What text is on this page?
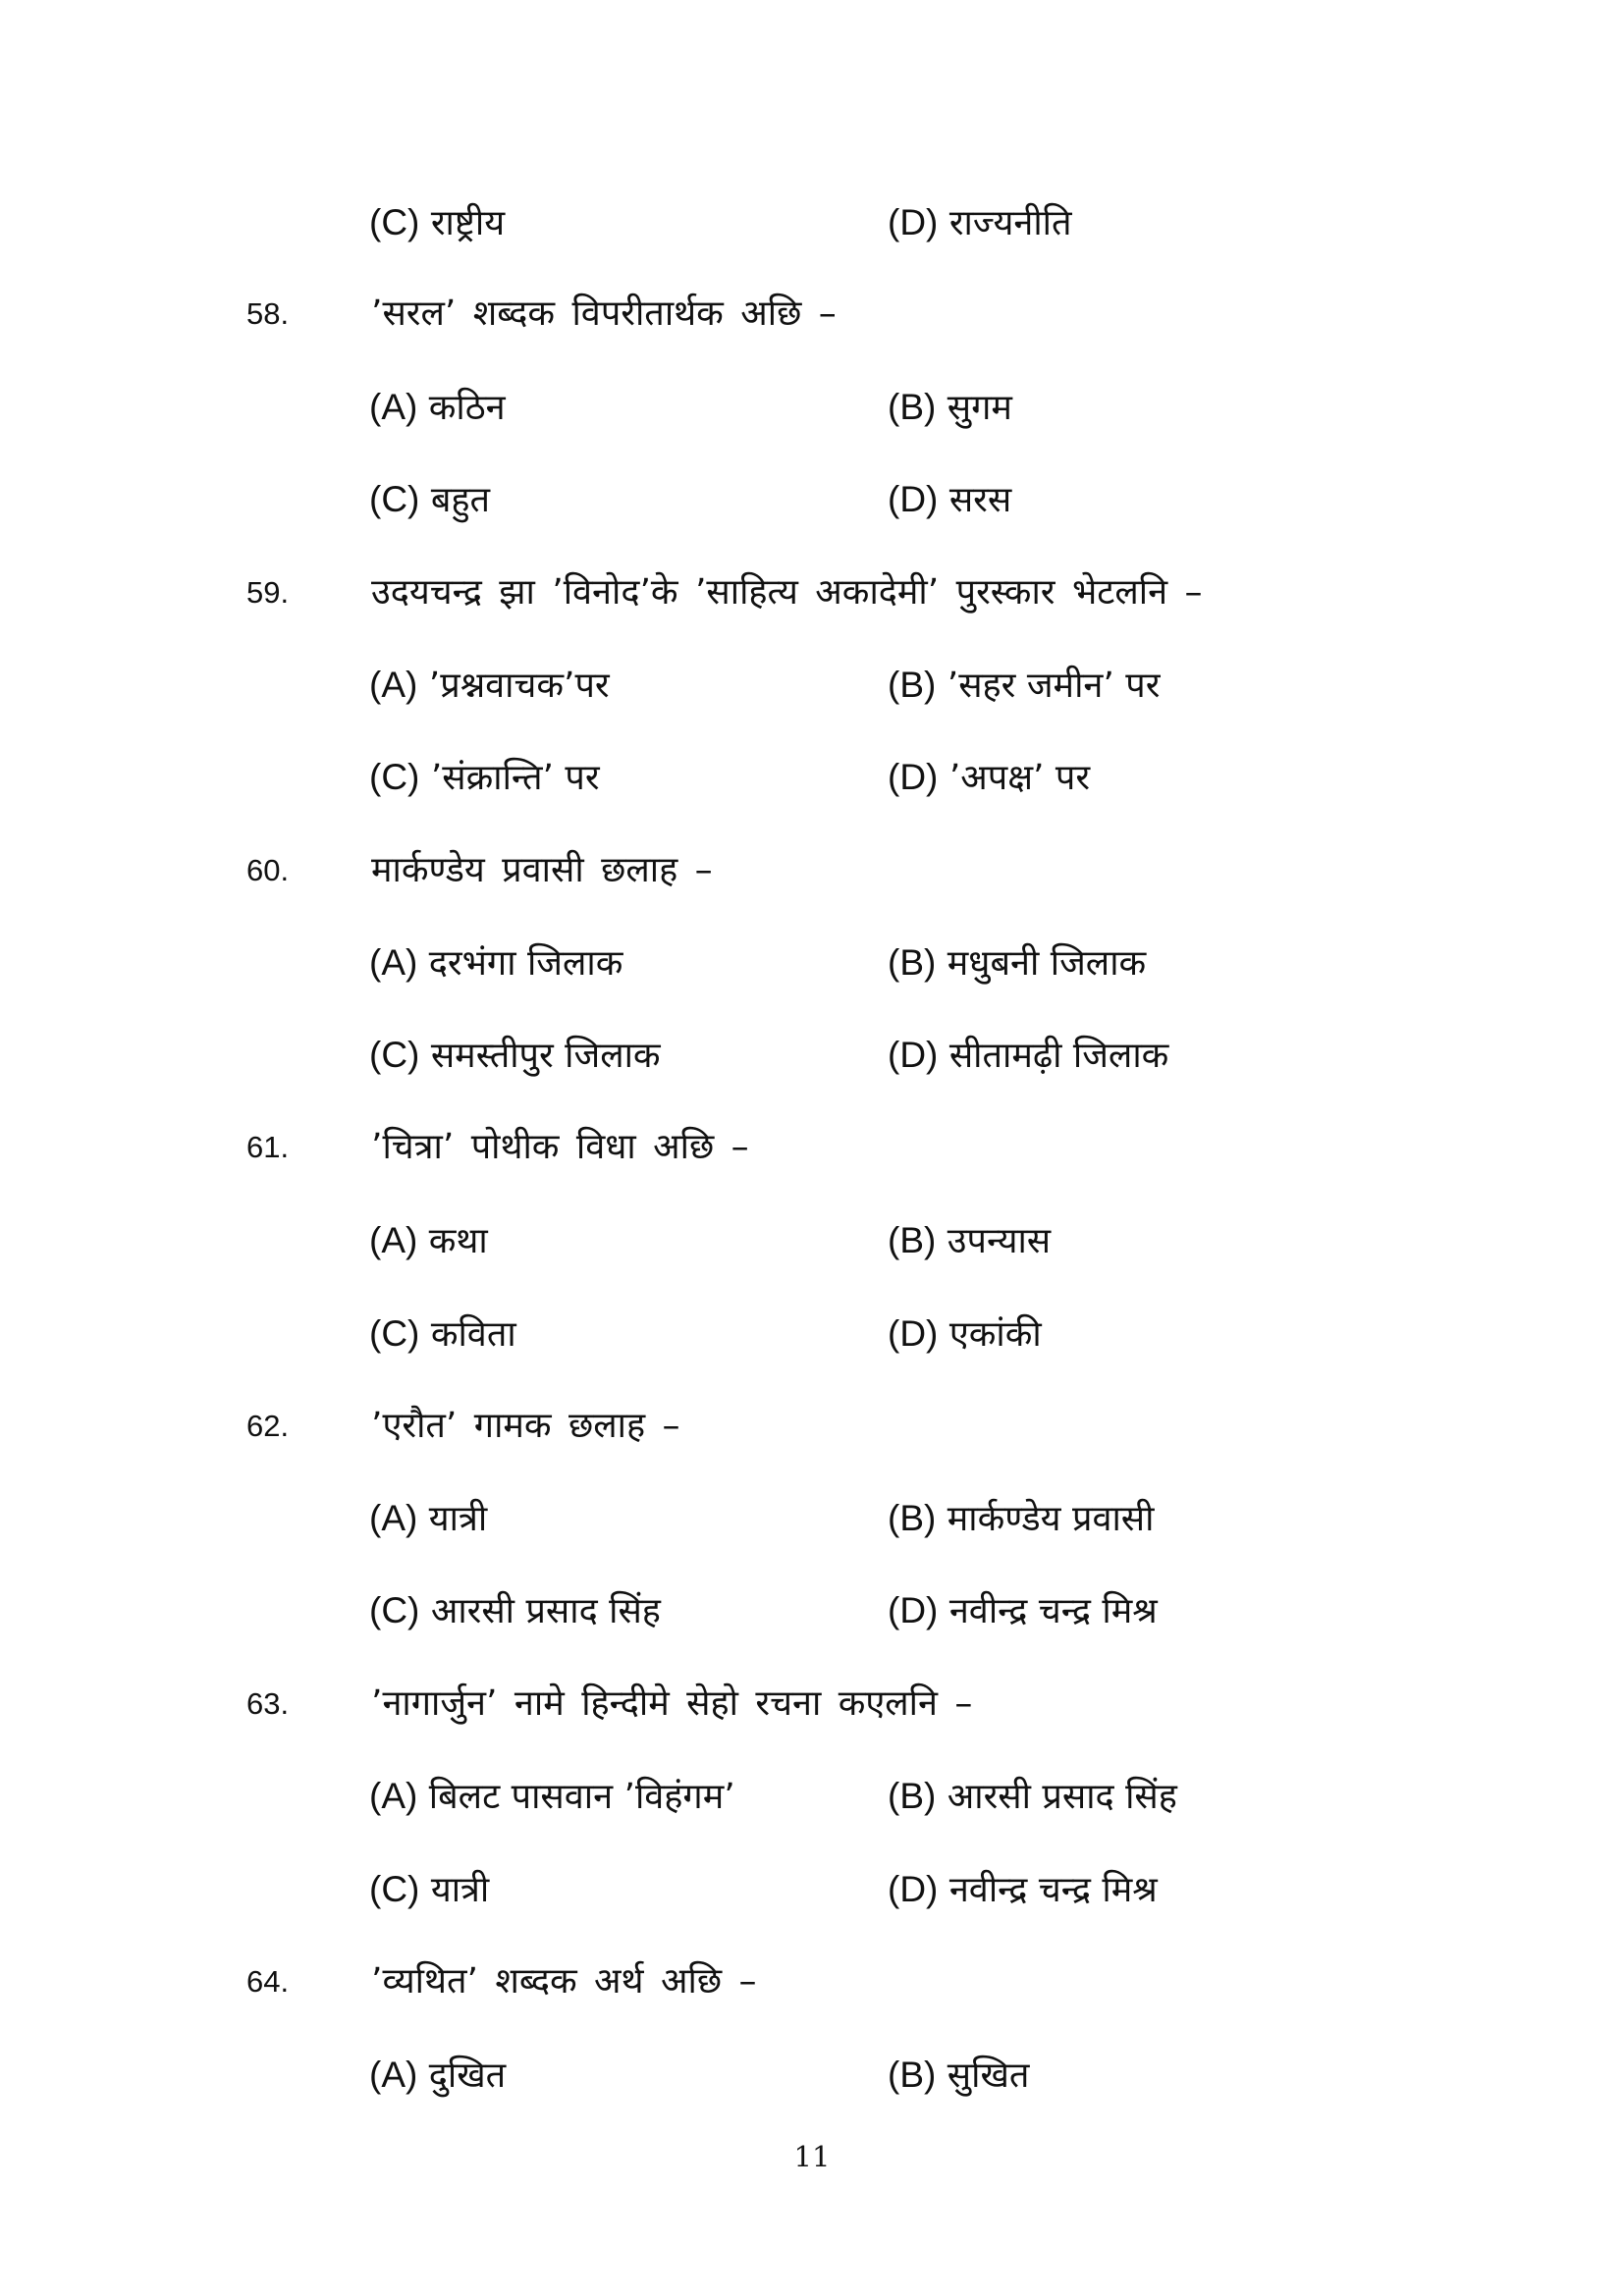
(C) राष्ट्रीय	(D) राज्यनीति
58. ’सरल’ शब्दक विपरीतार्थक अछि –
(A) कठिन	(B) सुगम
(C) बहुत	(D) सरस
59. उदयचन्द्र झा ’विनोद’के ’साहित्य अकादेमी’ पुरस्कार भेटलनि –
(A) ’प्रश्नवाचक’पर	(B) ’सहर जमीन’ पर
(C) ’संक्रान्ति’ पर	(D) ’अपक्ष’ पर
60. मार्कण्डेय प्रवासी छलाह –
(A) दरभंगा जिलाक	(B) मधुबनी जिलाक
(C) समस्तीपुर जिलाक	(D) सीतामढ़ी जिलाक
61. ’चित्रा’ पोथीक विधा अछि –
(A) कथा	(B) उपन्यास
(C) कविता	(D) एकांकी
62. ’एरौत’ गामक छलाह –
(A) यात्री	(B) मार्कण्डेय प्रवासी
(C) आरसी प्रसाद सिंह	(D) नवीन्द्र चन्द्र मिश्र
63. ’नागार्जुन’ नामे हिन्दीमे सेहो रचना कएलनि –
(A) बिलट पासवान ’विहंगम’	(B) आरसी प्रसाद सिंह
(C) यात्री	(D) नवीन्द्र चन्द्र मिश्र
64. ’व्यथित’ शब्दक अर्थ अछि –
(A) दुखित	(B) सुखित
11
